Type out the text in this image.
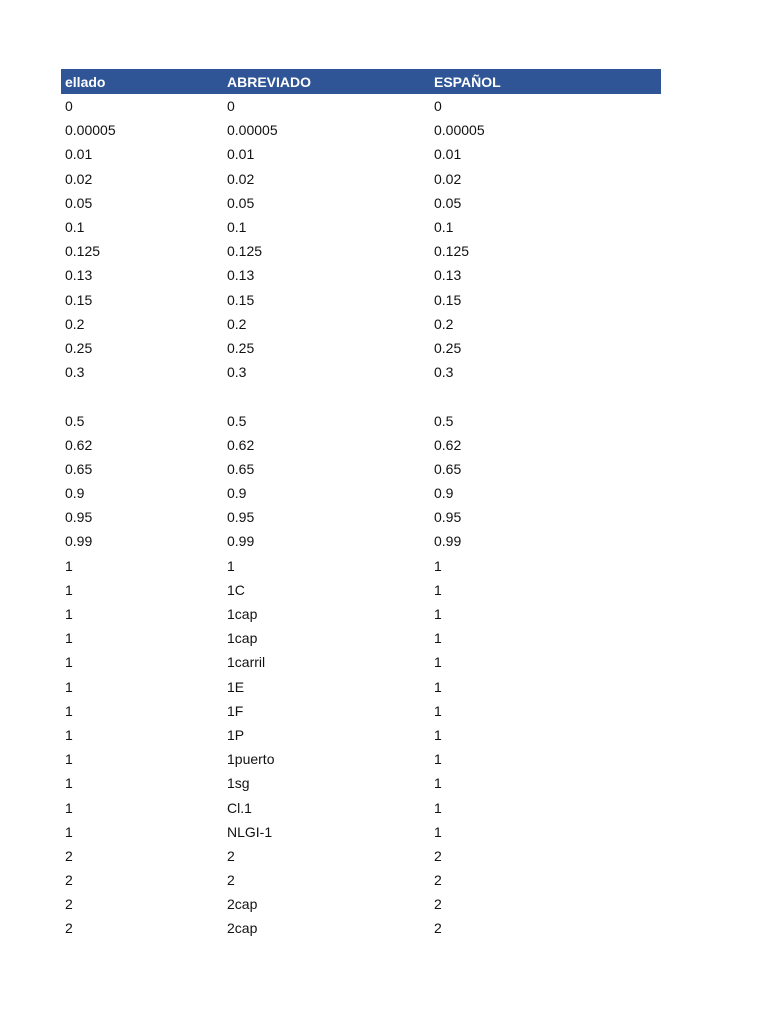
ellado	ABREVIADO	ESPAÑOL
0	0	0
0.00005	0.00005	0.00005
0.01	0.01	0.01
0.02	0.02	0.02
0.05	0.05	0.05
0.1	0.1	0.1
0.125	0.125	0.125
0.13	0.13	0.13
0.15	0.15	0.15
0.2	0.2	0.2
0.25	0.25	0.25
0.3	0.3	0.3
0.5	0.5	0.5
0.62	0.62	0.62
0.65	0.65	0.65
0.9	0.9	0.9
0.95	0.95	0.95
0.99	0.99	0.99
1	1	1
1	1C	1
1	1cap	1
1	1cap	1
1	1carril	1
1	1E	1
1	1F	1
1	1P	1
1	1puerto	1
1	1sg	1
1	Cl.1	1
1	NLGI-1	1
2	2	2
2	2	2
2	2cap	2
2	2cap	2
